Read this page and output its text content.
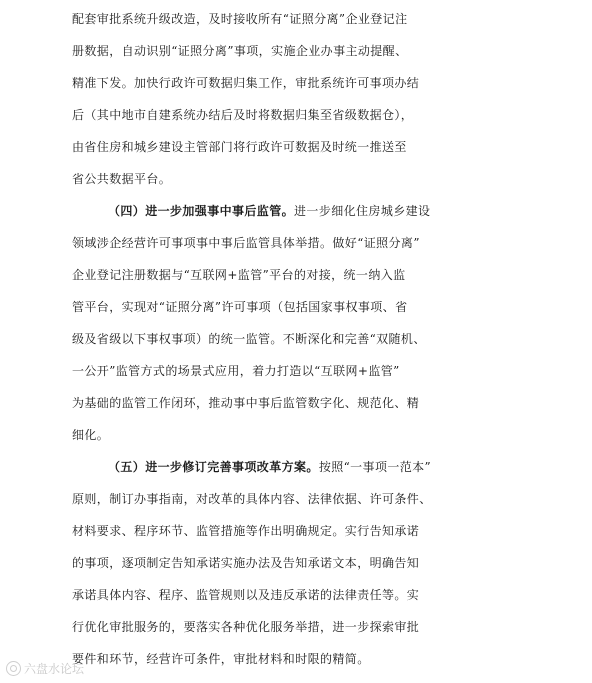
配套审批系统升级改造，及时接收所有“证照分离”企业登记注
册数据，自动识别“证照分离”事项，实施企业办事主动提醒、
精准下发。加快行政许可数据归集工作，审批系统许可事项办结
后（其中地市自建系统办结后及时将数据归集至省级数据仓），
由省住房和城乡建设主管部门将行政许可数据及时统一推送至
省公共数据平台。
（四）进一步加强事中事后监管。进一步细化住房城乡建设
领域涉企经营许可事项事中事后监管具体举措。做好“证照分离”
企业登记注册数据与“互联网+监管”平台的对接，统一纳入监
管平台，实现对“证照分离”许可事项（包括国家事权事项、省
级及省级以下事权事项）的统一监管。不断深化和完善“双随机、
一公开”监管方式的场景式应用，着力打造以“互联网+监管”
为基础的监管工作闭环，推动事中事后监管数字化、规范化、精
细化。
（五）进一步修订完善事项改革方案。按照“一事项一范本”
原则，制订办事指南，对改革的具体内容、法律依据、许可条件、
材料要求、程序环节、监管措施等作出明确规定。实行告知承诺
的事项，逐项制定告知承诺实施办法及告知承诺文本，明确告知
承诺具体内容、程序、监管规则以及违反承诺的法律责任等。实
行优化审批服务的，要落实各种优化服务举措，进一步探索审批
要件和环节，经营许可条件，审批材料和时限的精简。
六盘水论坛
